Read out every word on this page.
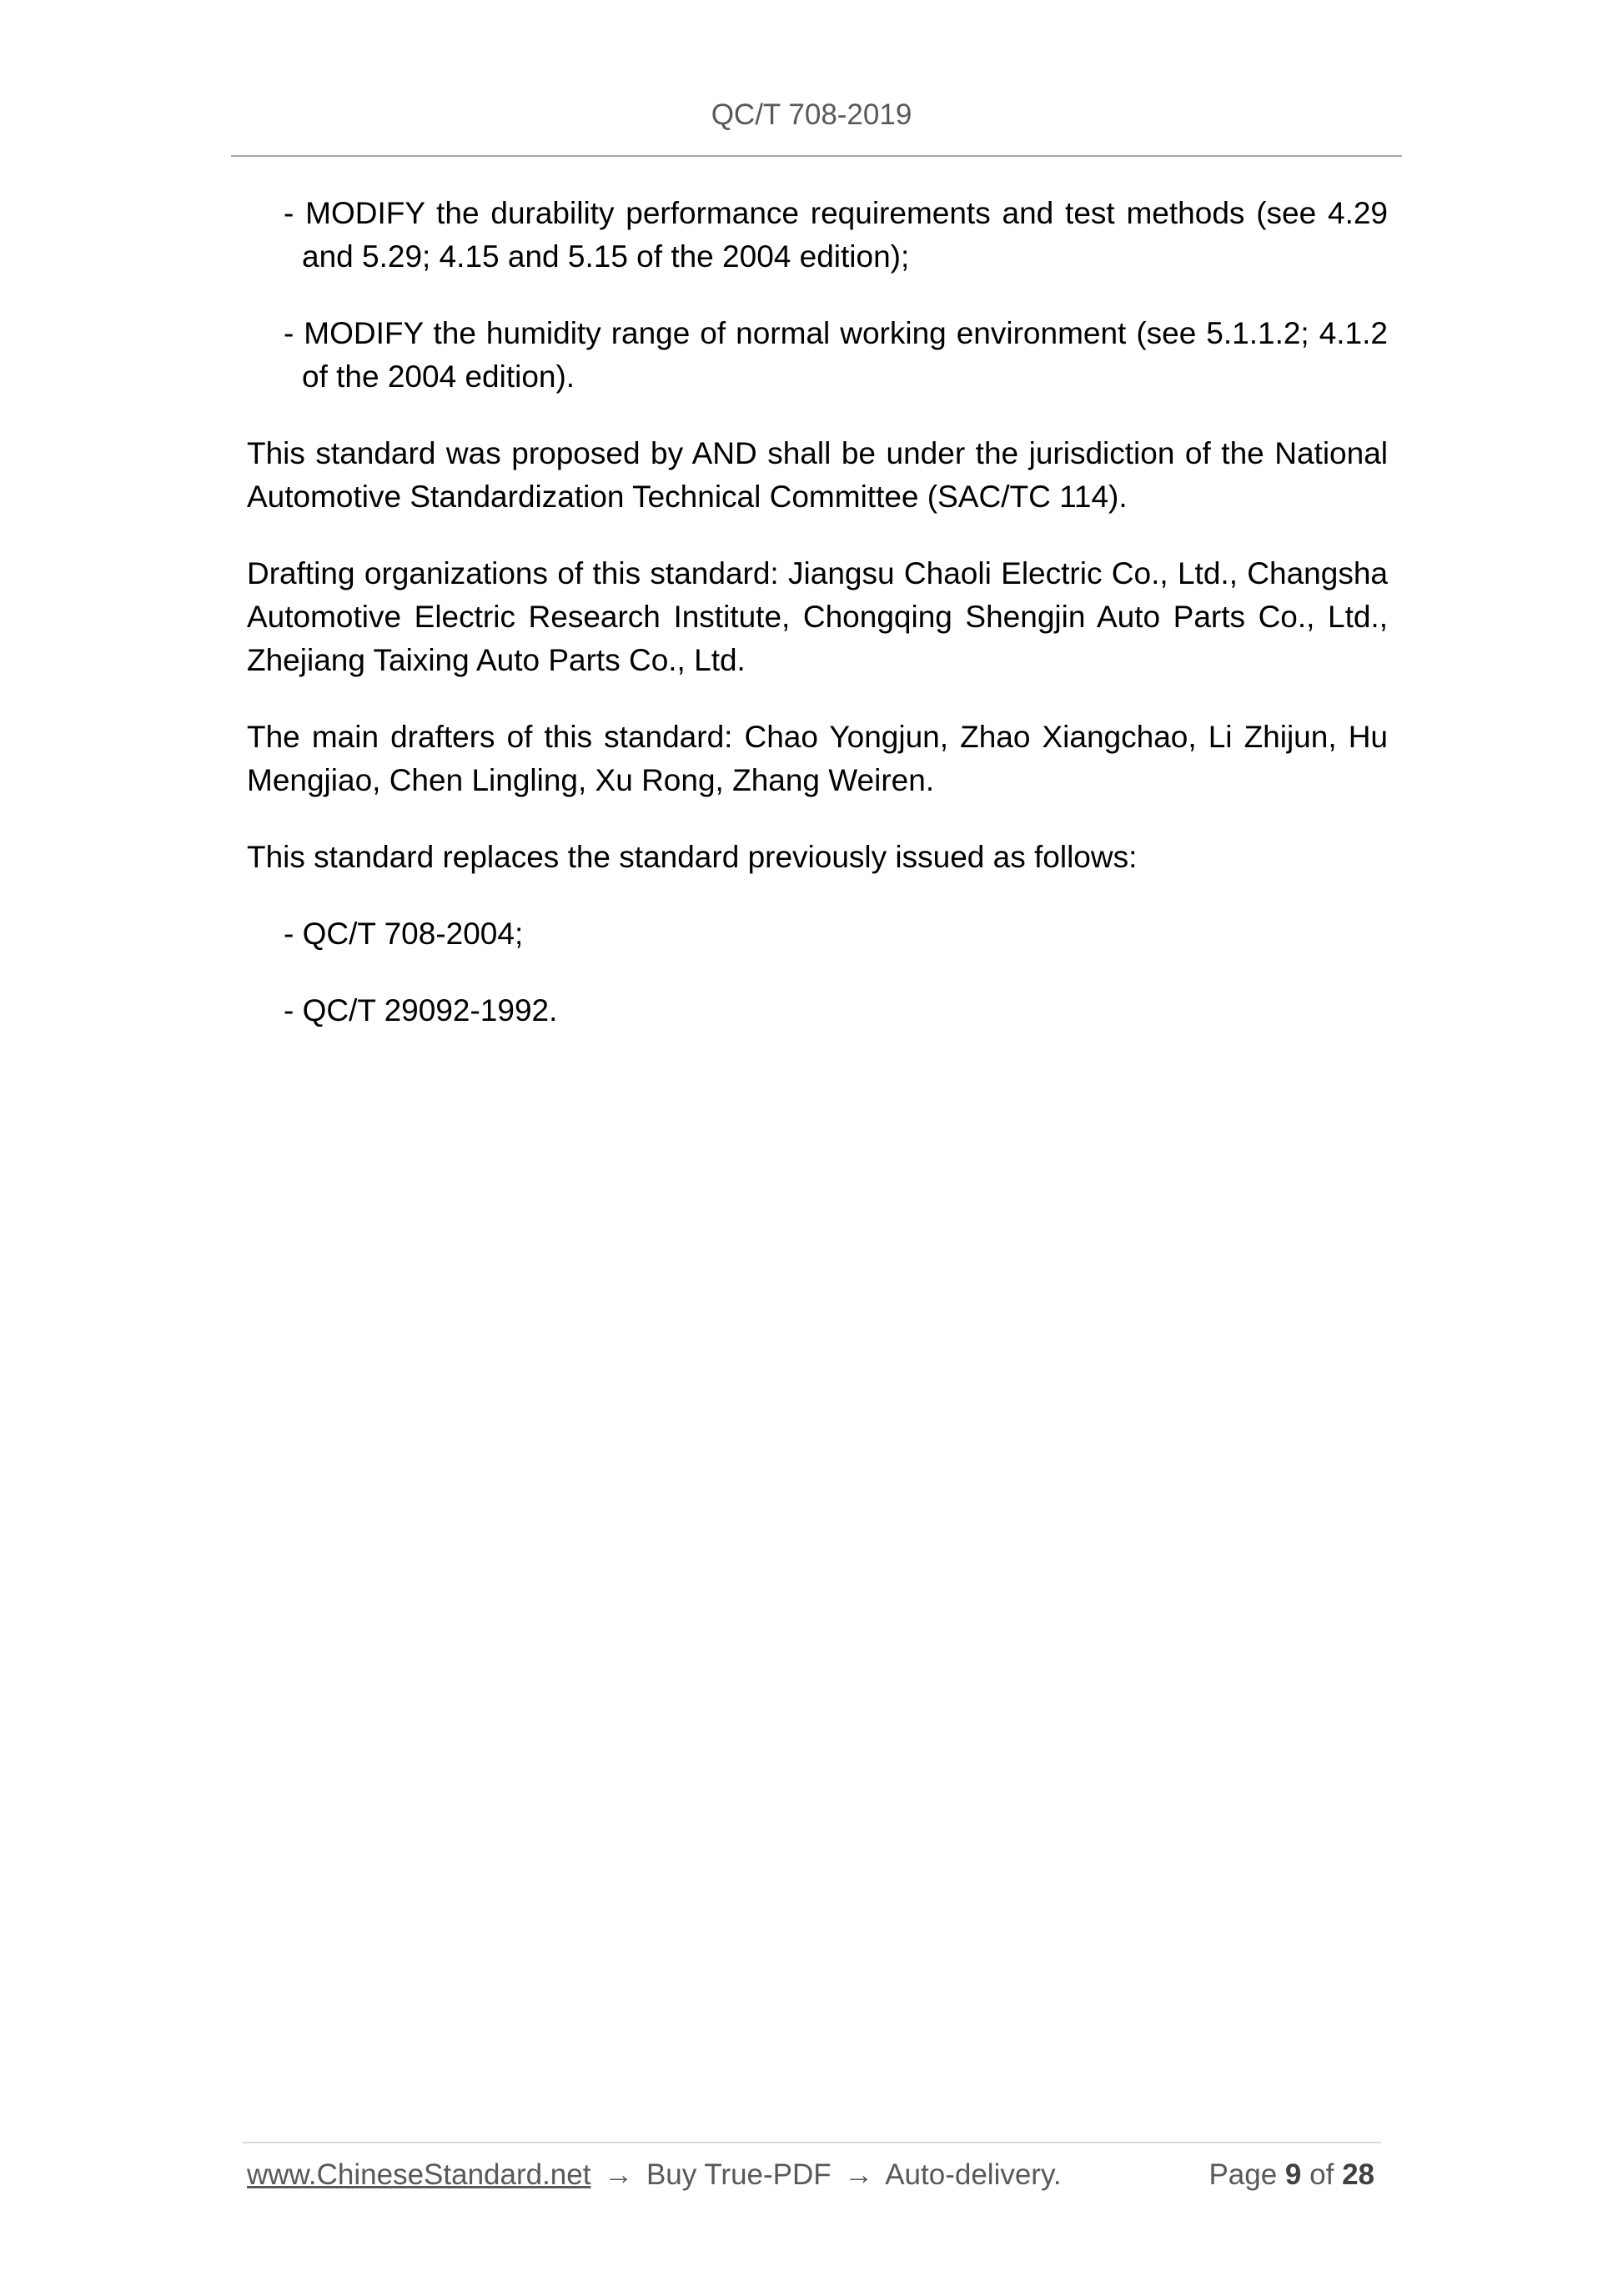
QC/T 708-2019
- MODIFY the durability performance requirements and test methods (see 4.29 and 5.29; 4.15 and 5.15 of the 2004 edition);
- MODIFY the humidity range of normal working environment (see 5.1.1.2; 4.1.2 of the 2004 edition).

This standard was proposed by AND shall be under the jurisdiction of the National Automotive Standardization Technical Committee (SAC/TC 114).

Drafting organizations of this standard: Jiangsu Chaoli Electric Co., Ltd., Changsha Automotive Electric Research Institute, Chongqing Shengjin Auto Parts Co., Ltd., Zhejiang Taixing Auto Parts Co., Ltd.

The main drafters of this standard: Chao Yongjun, Zhao Xiangchao, Li Zhijun, Hu Mengjiao, Chen Lingling, Xu Rong, Zhang Weiren.

This standard replaces the standard previously issued as follows:

- QC/T 708-2004;
- QC/T 29092-1992.
www.ChineseStandard.net → Buy True-PDF → Auto-delivery.	Page 9 of 28
